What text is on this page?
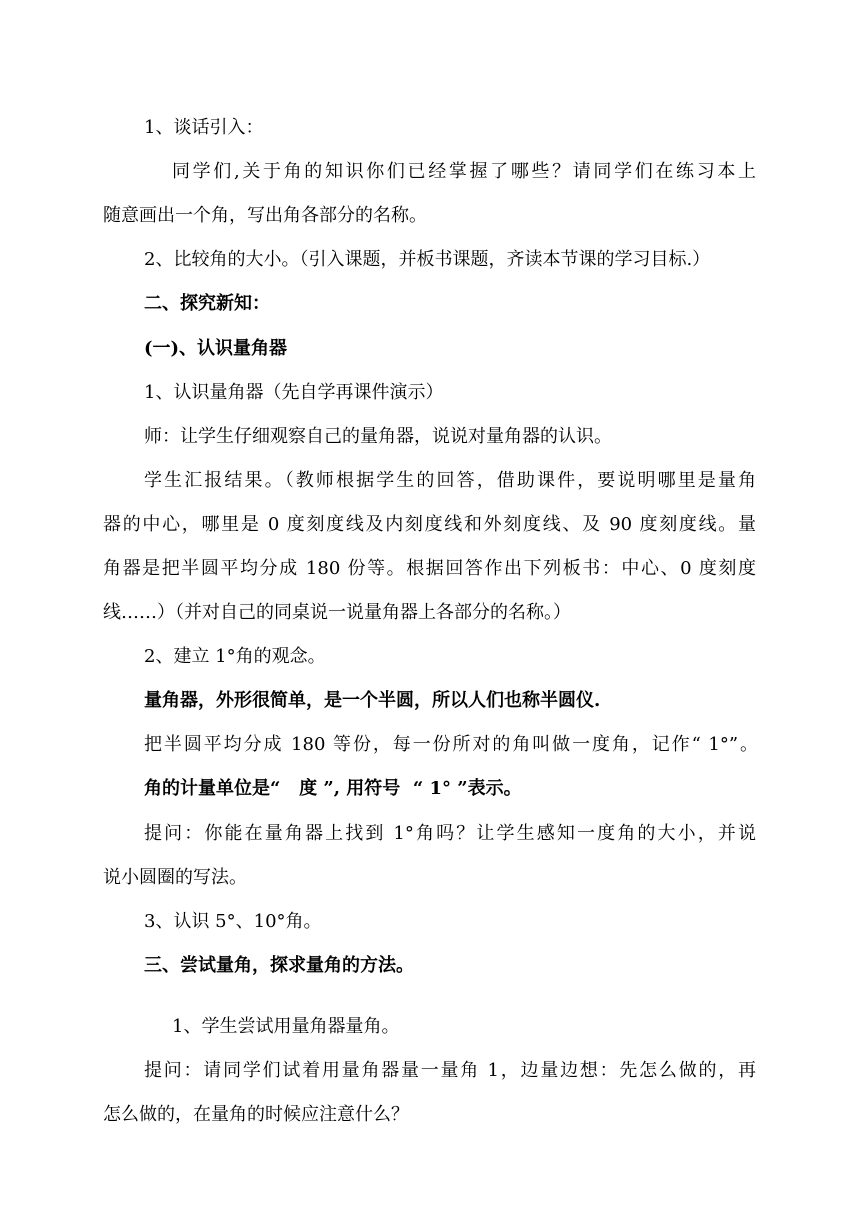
1、谈话引入：
同学们,关于角的知识你们已经掌握了哪些？请同学们在练习本上
随意画出一个角，写出角各部分的名称。
2、比较角的大小。（引入课题，并板书课题，齐读本节课的学习目标.）
二、探究新知：
(一)、认识量角器
1、认识量角器（先自学再课件演示）
师：让学生仔细观察自己的量角器，说说对量角器的认识。
学生汇报结果。（教师根据学生的回答，借助课件，要说明哪里是量角
器的中心，哪里是 0 度刻度线及内刻度线和外刻度线、及 90 度刻度线。量
角器是把半圆平均分成 180 份等。根据回答作出下列板书：中心、0 度刻度
线……）（并对自己的同桌说一说量角器上各部分的名称。）
2、建立 1°角的观念。
量角器，外形很简单，是一个半圆，所以人们也称半圆仪.
把半圆平均分成 180 等份，每一份所对的角叫做一度角，记作“ 1°”。
角的计量单位是“   度 ”, 用符号  “ 1° ”表示。
提问：你能在量角器上找到 1°角吗？让学生感知一度角的大小，并说
说小圆圈的写法。
3、认识 5°、10°角。
三、尝试量角，探求量角的方法。
1、学生尝试用量角器量角。
提问：请同学们试着用量角器量一量角 1，边量边想：先怎么做的，再
怎么做的，在量角的时候应注意什么？
